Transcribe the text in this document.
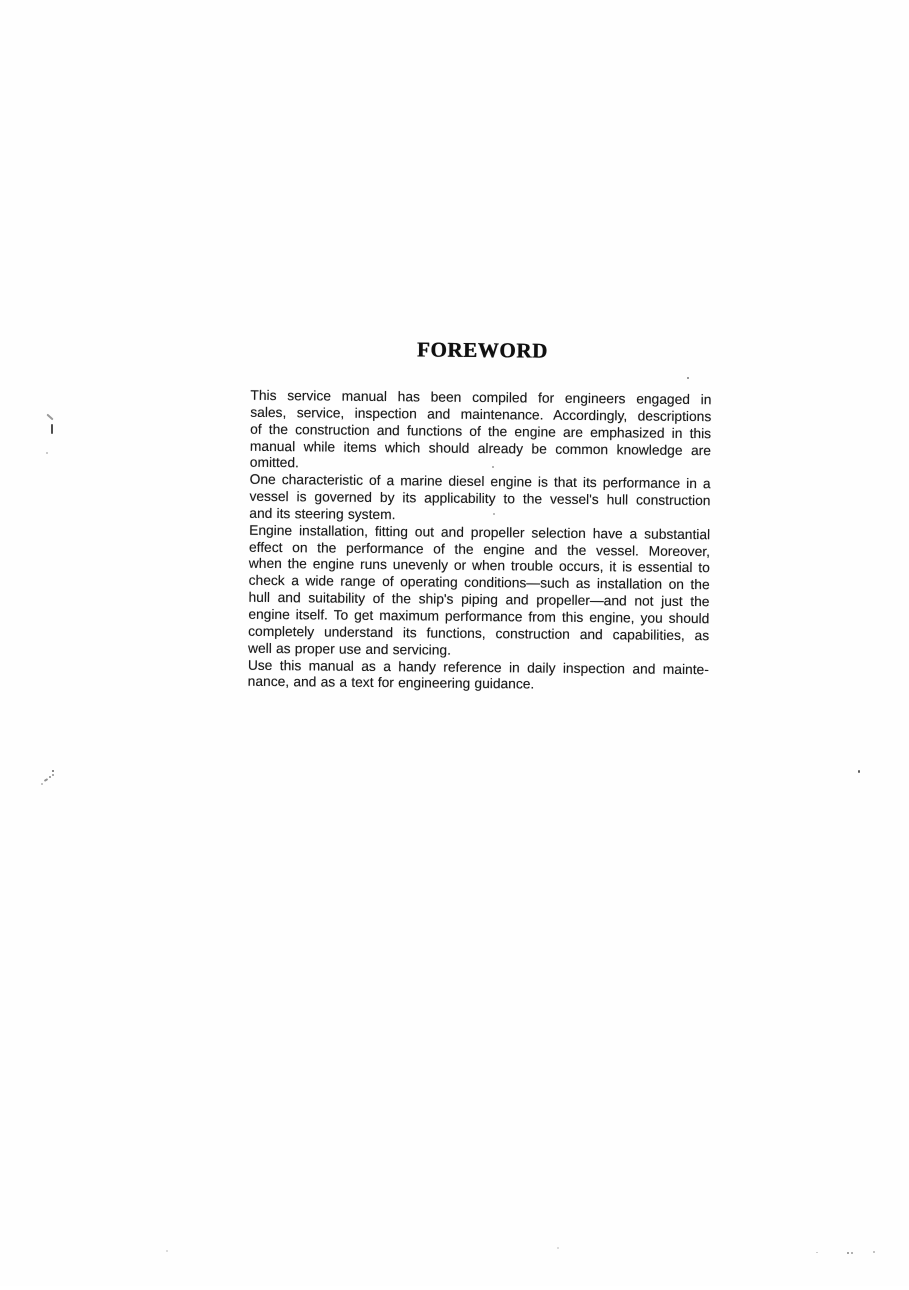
FOREWORD
This service manual has been compiled for engineers engaged in
sales, service, inspection and maintenance. Accordingly, descriptions
of the construction and functions of the engine are emphasized in this
manual while items which should already be common knowledge are
omitted.
One characteristic of a marine diesel engine is that its performance in a
vessel is governed by its applicability to the vessel's hull construction
and its steering system.
Engine installation, fitting out and propeller selection have a substantial
effect on the performance of the engine and the vessel. Moreover,
when the engine runs unevenly or when trouble occurs, it is essential to
check a wide range of operating conditions—such as installation on the
hull and suitability of the ship's piping and propeller—and not just the
engine itself. To get maximum performance from this engine, you should
completely understand its functions, construction and capabilities, as
well as proper use and servicing.
Use this manual as a handy reference in daily inspection and mainte-
nance, and as a text for engineering guidance.
